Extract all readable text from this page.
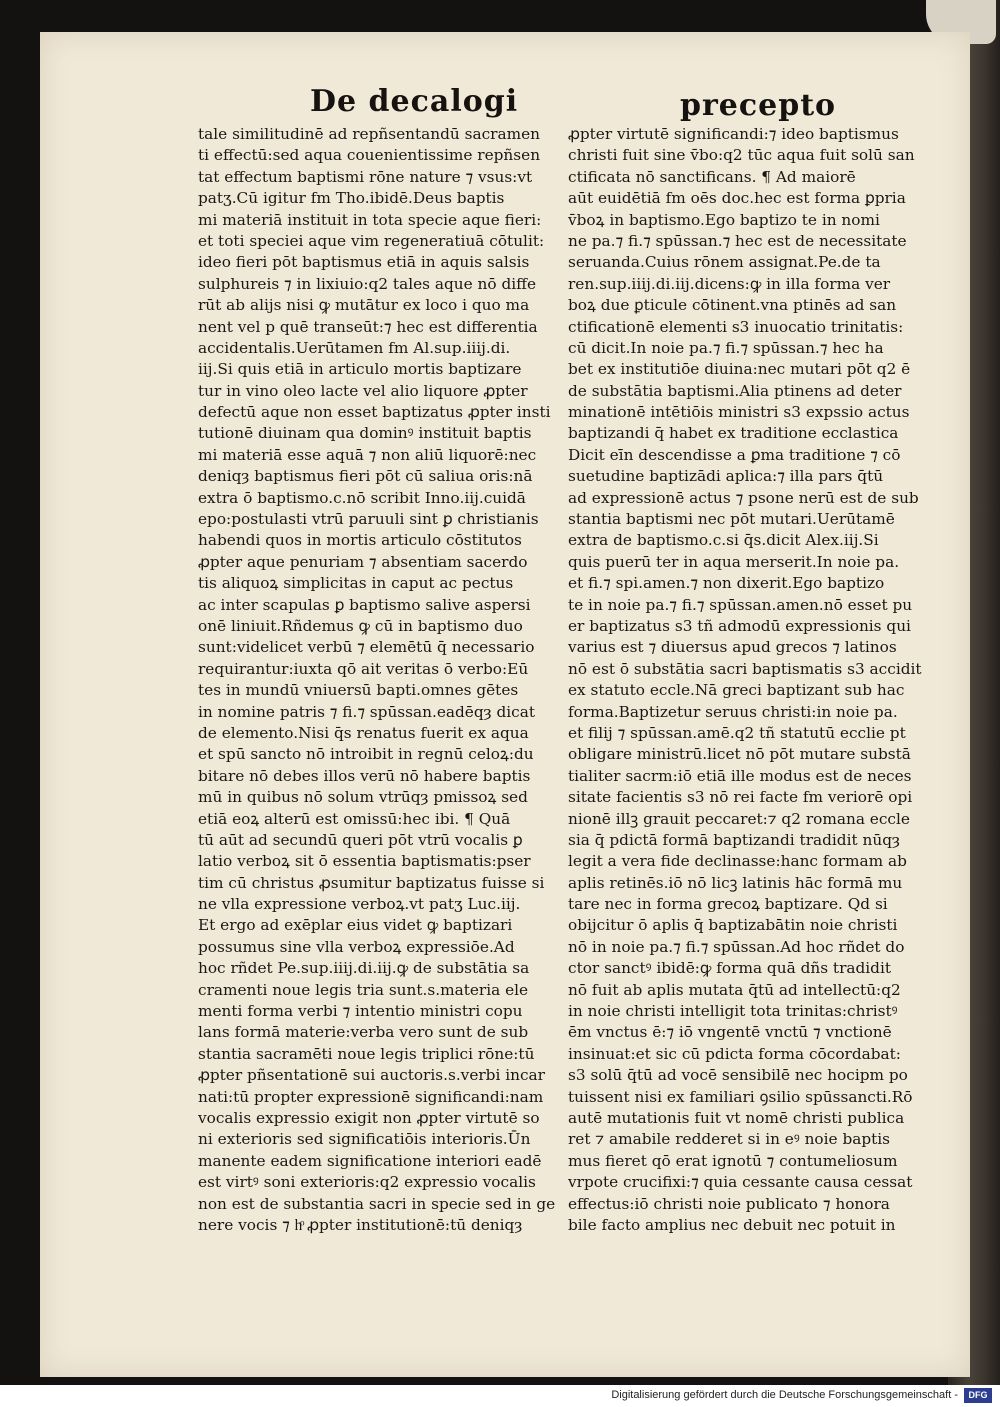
De decalogi	precepto
tale similitudinē ad repñsentandū sacramen
ti effectū:sed aqua couenientissime repñsen
tat effectum baptismi rōne nature ⁊ vsus:vt
patʒ.Cū igitur fm Tho.ibidē.Deus baptis
mi materiā instituit in tota specie aque fieri:
et toti speciei aque vim regeneratiuā cōtulit:
ideo fieri pōt baptismus etiā in aquis salsis
sulphureis ⁊ in lixiuio:q2 tales aque nō diffe
rūt ab alijs nisi ꝙ mutātur ex loco i quo ma
nent vel p quē transeūt:⁊ hec est differentia
accidentalis.Uerūtamen fm Al.sup.iiij.di.
iij.Si quis etiā in articulo mortis baptizare
tur in vino oleo lacte vel alio liquore ꝓpter
defectū aque non esset baptizatus ꝓpter insti
tutionē diuinam qua dominꝰ instituit baptis
mi materiā esse aquā ⁊ non aliū liquorē:nec
deniqȝ baptismus fieri pōt cū saliua oris:nā
extra ō baptismo.c.nō scribit Inno.iij.cuidā
epo:postulasti vtrū paruuli sint ꝑ christianis
habendi quos in mortis articulo cōstitutos
ꝓpter aque penuriam ⁊ absentiam sacerdo
tis aliquoꝝ simplicitas in caput ac pectus
ac inter scapulas ꝑ baptismo salive aspersi
onē liniuit.Rñdemus ꝙ cū in baptismo duo
sunt:videlicet verbū ⁊ elemētū q̄ necessario
requirantur:iuxta qō ait veritas ō verbo:Eū
tes in mundū vniuersū bapti.omnes gētes
in nomine patris ⁊ fi.⁊ spūssan.eadēqȝ dicat
de elemento.Nisi q̄s renatus fuerit ex aqua
et spū sancto nō introibit in regnū celoꝝ:du
bitare nō debes illos verū nō habere baptis
mū in quibus nō solum vtrūqȝ pmissoꝝ sed
etiā eoꝝ alterū est omissū:hec ibi. ¶ Quā
tū aūt ad secundū queri pōt vtrū vocalis ꝑ
latio verboꝝ sit ō essentia baptismatis:pser
tim cū christus ꝓsumitur baptizatus fuisse si
ne vlla expressione verboꝝ.vt patʒ Luc.iij.
Et ergo ad exēplar eius videt ꝙ baptizari
possumus sine vlla verboꝝ expressiōe.Ad
hoc rñdet Pe.sup.iiij.di.iij.ꝙ de substātia sa
cramenti noue legis tria sunt.s.materia ele
menti forma verbi ⁊ intentio ministri copu
lans formā materie:verba vero sunt de sub
stantia sacramēti noue legis triplici rōne:tū
ꝓpter pñsentationē sui auctoris.s.verbi incar
nati:tū propter expressionē significandi:nam
vocalis expressio exigit non ꝓpter virtutē so
ni exterioris sed significatiōis interioris.Ūn
manente eadem significatione interiori eadē
est virtꝰ soni exterioris:q2 expressio vocalis
non est de substantia sacri in specie sed in ge
nere vocis ⁊ hͦ ꝓpter institutionē:tū deniqȝ
ꝓpter virtutē significandi:⁊ ideo baptismus
christi fuit sine v̄bo:q2 tūc aqua fuit solū san
ctificata nō sanctificans. ¶ Ad maiorē
aūt euidētiā fm oēs doc.hec est forma ꝑpria
v̄boꝝ in baptismo.Ego baptizo te in nomi
ne pa.⁊ fi.⁊ spūssan.⁊ hec est de necessitate
seruanda.Cuius rōnem assignat.Pe.de ta
ren.sup.iiij.di.iij.dicens:ꝙ in illa forma ver
boꝝ due ꝑticule cōtinent.vna ptinēs ad san
ctificationē elementi s3 inuocatio trinitatis:
cū dicit.In noie pa.⁊ fi.⁊ spūssan.⁊ hec ha
bet ex institutiōe diuina:nec mutari pōt q2 ē
de substātia baptismi.Alia ptinens ad deter
minationē intētiōis ministri s3 expssio actus
baptizandi q̄ habet ex traditione ecclastica
Dicit eīn descendisse a ꝑma traditione ⁊ cō
suetudine baptizādi aplica:⁊ illa pars q̄tū
ad expressionē actus ⁊ psone nerū est de sub
stantia baptismi nec pōt mutari.Uerūtamē
extra de baptismo.c.si q̄s.dicit Alex.iij.Si
quis puerū ter in aqua merserit.In noie pa.
et fi.⁊ spi.amen.⁊ non dixerit.Ego baptizo
te in noie pa.⁊ fi.⁊ spūssan.amen.nō esset pu
er baptizatus s3 tñ admodū expressionis qui
varius est ⁊ diuersus apud grecos ⁊ latinos
nō est ō substātia sacri baptismatis s3 accidit
ex statuto eccle.Nā greci baptizant sub hac
forma.Baptizetur seruus christi:in noie pa.
et filij ⁊ spūssan.amē.q2 tñ statutū ecclie pt
obligare ministrū.licet nō pōt mutare substā
tialiter sacrm:iō etiā ille modus est de neces
sitate facientis s3 nō rei facte fm veriorē opi
nionē illꝫ grauit peccaret:⁊ q2 romana eccle
sia q̄ pdictā formā baptizandi tradidit nūqȝ
legit a vera fide declinasse:hanc formam ab
aplis retinēs.iō nō licꝫ latinis hāc formā mu
tare nec in forma grecoꝝ baptizare. Qd si
obijcitur ō aplis q̄ baptizabātin noie christi
nō in noie pa.⁊ fi.⁊ spūssan.Ad hoc rñdet do
ctor sanctꝰ ibidē:ꝙ forma quā dñs tradidit
nō fuit ab aplis mutata q̄tū ad intellectū:q2
in noie christi intelligit tota trinitas:christꝰ
ēm vnctus ē:⁊ iō vngentē vnctū ⁊ vnctionē
insinuat:et sic cū pdicta forma cōcordabat:
s3 solū q̄tū ad vocē sensibilē nec hocipm po
tuissent nisi ex familiari ꝯsilio spūssancti.Rō
autē mutationis fuit vt nomē christi publica
ret ⁊ amabile redderet si in eꝰ noie baptis
mus fieret qō erat ignotū ⁊ contumeliosum
vrpote crucifixi:⁊ quia cessante causa cessat
effectus:iō christi noie publicato ⁊ honora
bile facto amplius nec debuit nec potuit in
Digitalisierung gefördert durch die Deutsche Forschungsgemeinschaft -	DFG
